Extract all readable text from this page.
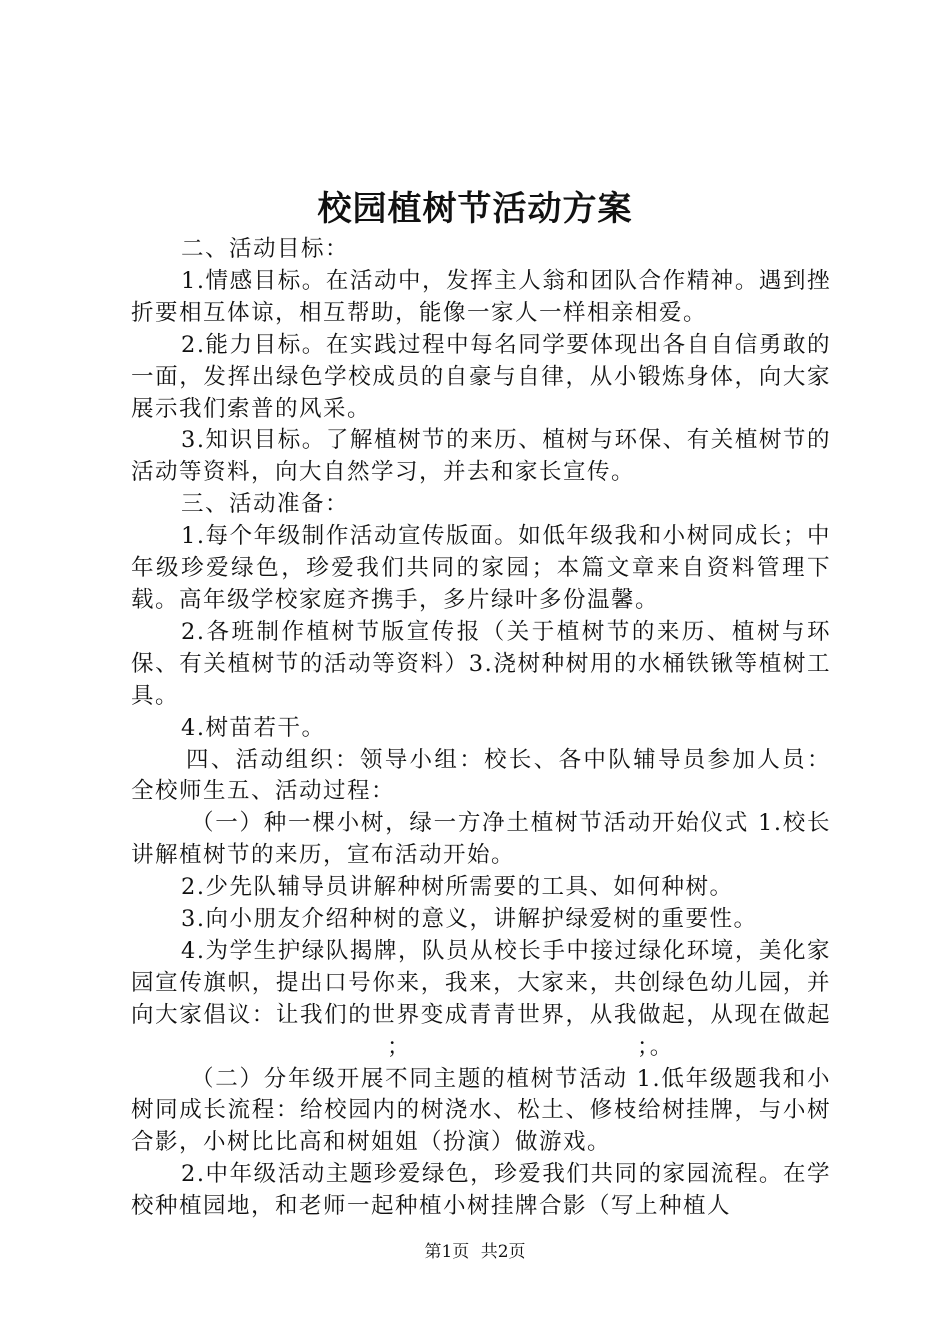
校园植树节活动方案

二、活动目标：

1.情感目标。在活动中，发挥主人翁和团队合作精神。遇到挫折要相互体谅，相互帮助，能像一家人一样相亲相爱。

2.能力目标。在实践过程中每名同学要体现出各自自信勇敢的一面，发挥出绿色学校成员的自豪与自律，从小锻炼身体，向大家展示我们索普的风采。

3.知识目标。了解植树节的来历、植树与环保、有关植树节的活动等资料，向大自然学习，并去和家长宣传。

三、活动准备：

1.每个年级制作活动宣传版面。如低年级我和小树同成长；中年级珍爱绿色，珍爱我们共同的家园；本篇文章来自资料管理下载。高年级学校家庭齐携手，多片绿叶多份温馨。

2.各班制作植树节版宣传报（关于植树节的来历、植树与环保、有关植树节的活动等资料）3.浇树种树用的水桶铁锹等植树工具。

4.树苗若干。

四、活动组织：领导小组：校长、各中队辅导员参加人员：全校师生五、活动过程：

（一）种一棵小树，绿一方净土植树节活动开始仪式 1.校长讲解植树节的来历，宣布活动开始。

2.少先队辅导员讲解种树所需要的工具、如何种树。

3.向小朋友介绍种树的意义，讲解护绿爱树的重要性。

4.为学生护绿队揭牌，队员从校长手中接过绿化环境，美化家园宣传旗帜，提出口号你来，我来，大家来，共创绿色幼儿园，并向大家倡议：让我们的世界变成青青世界，从我做起，从现在做起；	；。

（二）分年级开展不同主题的植树节活动 1.低年级题我和小树同成长流程：给校园内的树浇水、松土、修枝给树挂牌，与小树合影，小树比比高和树姐姐（扮演）做游戏。

2.中年级活动主题珍爱绿色，珍爱我们共同的家园流程。在学校种植园地，和老师一起种植小树挂牌合影（写上种植人

第1页 共2页
